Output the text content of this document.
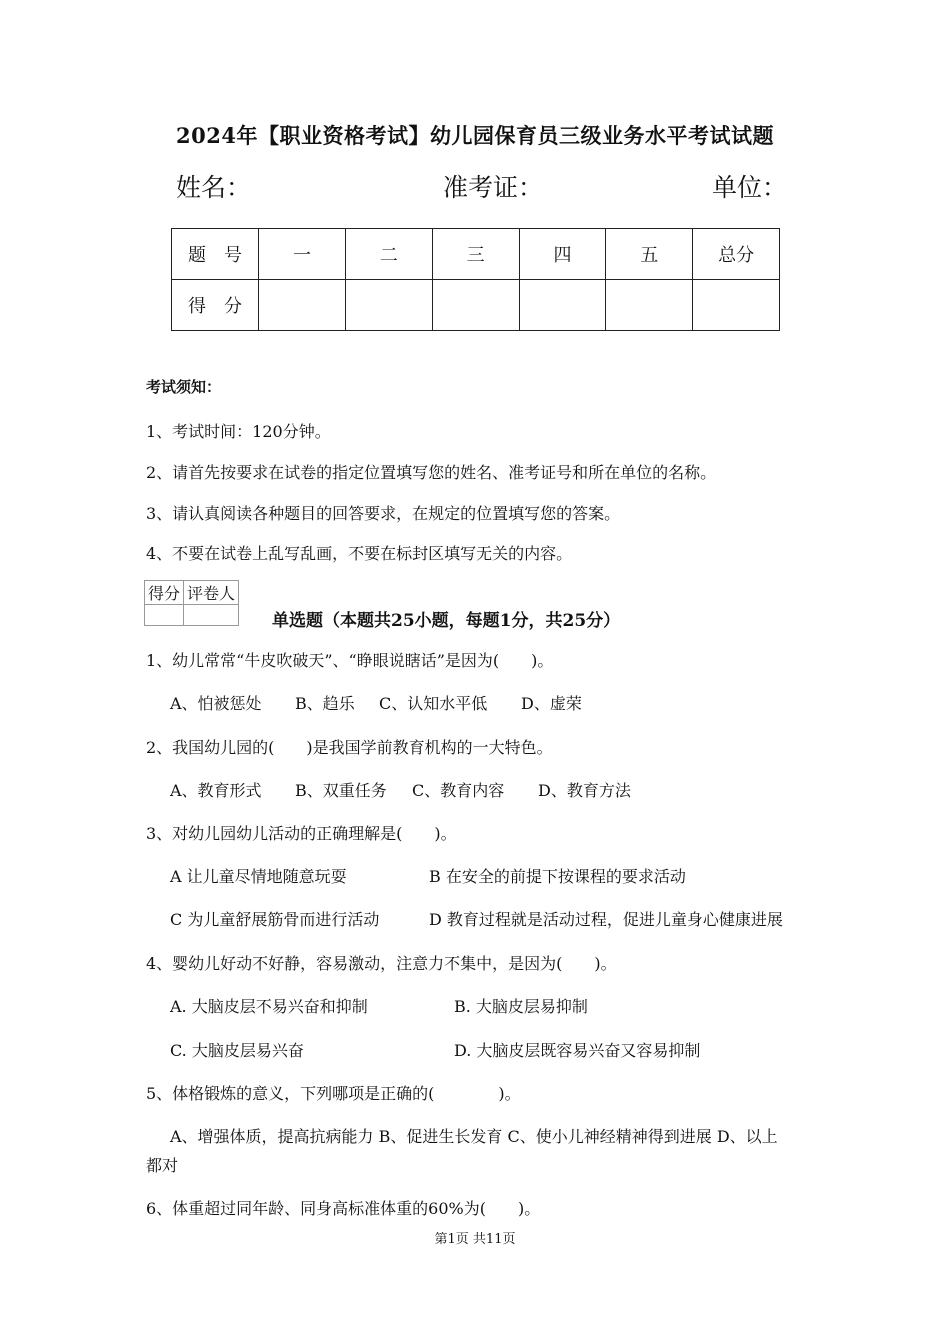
2024年【职业资格考试】幼儿园保育员三级业务水平考试试题
姓名：	准考证：	单位：
题　号	一	二	三	四	五	总分
得　分						
考试须知：
1、考试时间：120分钟。
2、请首先按要求在试卷的指定位置填写您的姓名、准考证号和所在单位的名称。
3、请认真阅读各种题目的回答要求，在规定的位置填写您的答案。
4、不要在试卷上乱写乱画，不要在标封区填写无关的内容。
得分	评卷人

单选题（本题共25小题，每题1分，共25分）
1、幼儿常常“牛皮吹破天”、“睁眼说瞎话”是因为(　　)。
A、怕被惩处 B、趋乐 C、认知水平低 D、虚荣
2、我国幼儿园的(　　)是我国学前教育机构的一大特色。
A、教育形式 B、双重任务 C、教育内容 D、教育方法
3、对幼儿园幼儿活动的正确理解是(　　)。
A 让儿童尽情地随意玩耍	B 在安全的前提下按课程的要求活动
C 为儿童舒展筋骨而进行活动	D 教育过程就是活动过程，促进儿童身心健康进展
4、婴幼儿好动不好静，容易激动，注意力不集中，是因为(　　)。
A. 大脑皮层不易兴奋和抑制	B. 大脑皮层易抑制
C. 大脑皮层易兴奋	D. 大脑皮层既容易兴奋又容易抑制
5、体格锻炼的意义，下列哪项是正确的(　　　　)。
A、增强体质，提高抗病能力 B、促进生长发育 C、使小儿神经精神得到进展 D、以上
都对
6、体重超过同年龄、同身高标准体重的60%为(　　)。
第1页 共11页
